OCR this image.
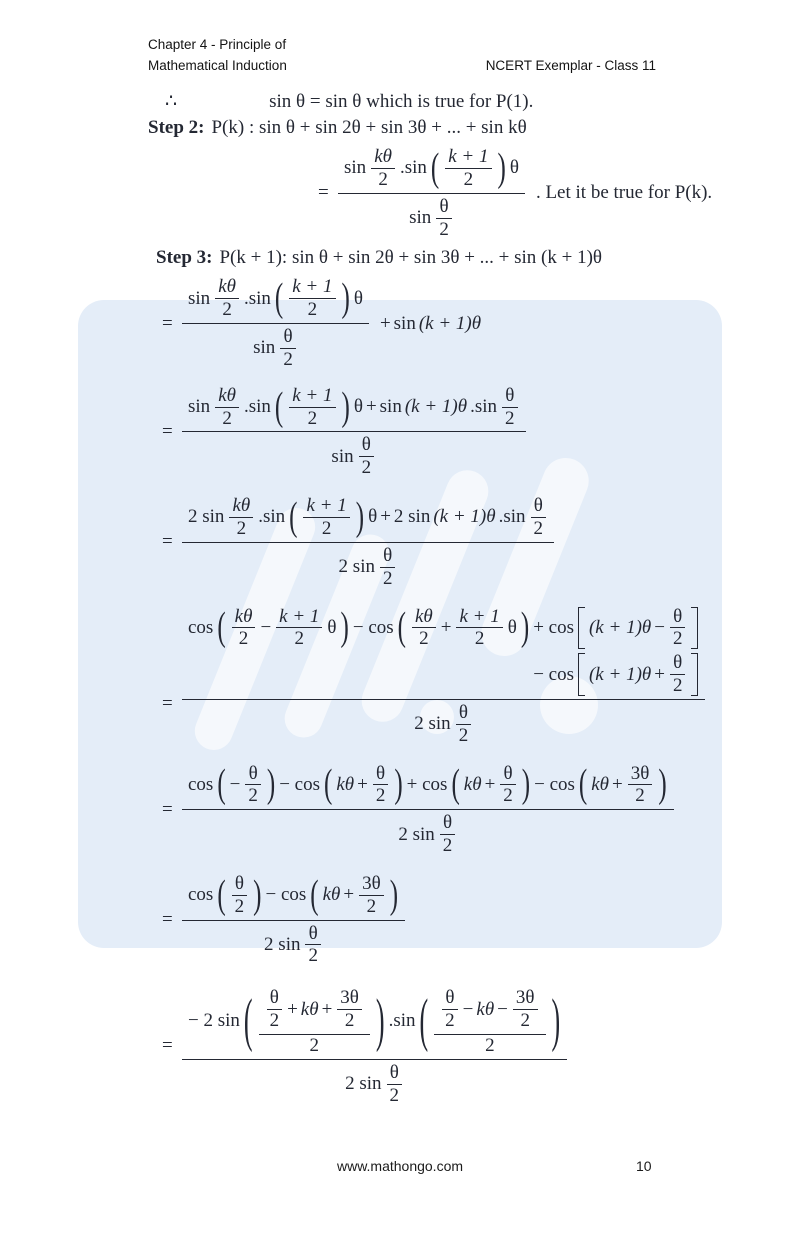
Chapter 4 - Principle of
Mathematical Induction	NCERT Exemplar - Class 11
∴	sin θ = sin θ which is true for P(1).
Step 2: P(k) : sin θ + sin 2θ + sin 3θ + ... + sin kθ
=
$\sin \frac{k\theta}{2} .\sin$ ( $\frac{k + 1}{2}$ ) θ
$\sin \frac{\theta}{2}$
. Let it be true for P(k).
Step 3: P(k + 1): sin θ + sin 2θ + sin 3θ + ... + sin (k + 1)θ
=
$\sin \frac{k\theta}{2} .\sin$ ( $\frac{k + 1}{2}$ ) θ
$\sin \frac{\theta}{2}$
+ sin (k + 1)θ
=
$\sin \frac{k\theta}{2} .\sin$ ( $\frac{k + 1}{2}$ ) θ + sin (k + 1)θ $.\sin \frac{\theta}{2}$
$\sin \frac{\theta}{2}$
=
2 $\sin \frac{k\theta}{2} .\sin$ ( $\frac{k + 1}{2}$ ) θ + 2 sin (k + 1)θ $.\sin \frac{\theta}{2}$
2 $\sin \frac{\theta}{2}$
=
cos ( $\frac{k\theta}{2} - \frac{k + 1}{2}$ θ ) − cos ( $\frac{k\theta}{2} + \frac{k + 1}{2}$ θ ) + $\cos (k + 1)\theta - \frac{\theta}{2}$
− $\cos (k + 1)\theta + \frac{\theta}{2}$
2 $\sin \frac{\theta}{2}$
=
cos ( − $\frac{\theta}{2}$ ) − cos ( $k\theta + \frac{\theta}{2}$ ) + cos ( $k\theta + \frac{\theta}{2}$ ) − cos ( $k\theta + \frac{3\theta}{2}$ )
2 $\sin \frac{\theta}{2}$
=
cos ( $\frac{\theta}{2}$ ) − cos ( $k\theta + \frac{3\theta}{2}$ )
2 $\sin \frac{\theta}{2}$
=
− 2 sin ( $\frac{\theta}{2} + k\theta + \frac{3\theta}{2}$
2 ) .sin ( $\frac{\theta}{2} - k\theta - \frac{3\theta}{2}$
2 )
2 $\sin \frac{\theta}{2}$
www.mathongo.com	10
